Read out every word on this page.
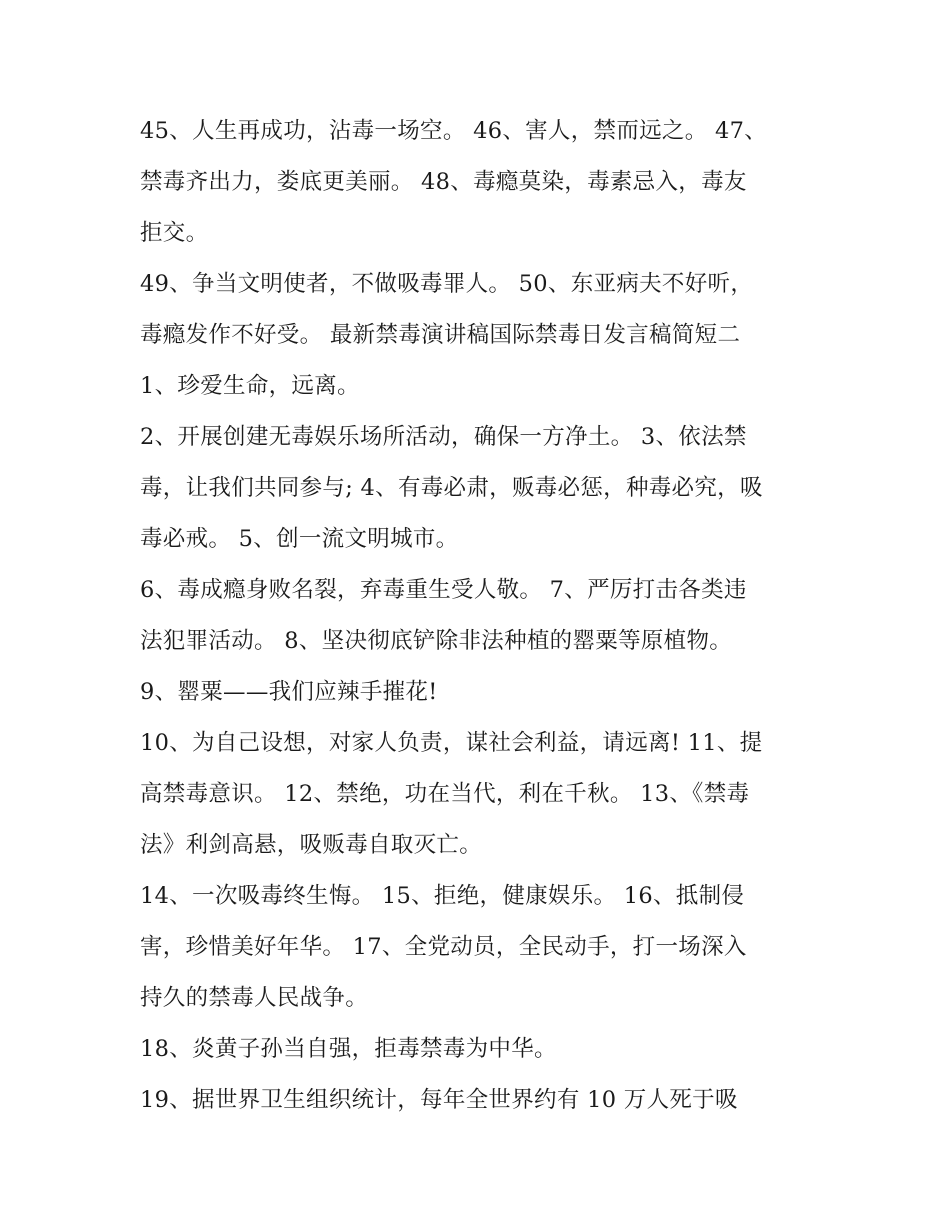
45、人生再成功，沾毒一场空。 46、害人，禁而远之。 47、
禁毒齐出力，娄底更美丽。 48、毒瘾莫染，毒素忌入，毒友
拒交。
49、争当文明使者，不做吸毒罪人。 50、东亚病夫不好听，
毒瘾发作不好受。 最新禁毒演讲稿国际禁毒日发言稿简短二
1、珍爱生命，远离。
2、开展创建无毒娱乐场所活动，确保一方净土。 3、依法禁
毒，让我们共同参与; 4、有毒必肃，贩毒必惩，种毒必究，吸
毒必戒。 5、创一流文明城市。
6、毒成瘾身败名裂，弃毒重生受人敬。 7、严厉打击各类违
法犯罪活动。 8、坚决彻底铲除非法种植的罂粟等原植物。
9、罂粟——我们应辣手摧花!
10、为自己设想，对家人负责，谋社会利益，请远离! 11、提
高禁毒意识。 12、禁绝，功在当代，利在千秋。 13、《禁毒
法》利剑高悬，吸贩毒自取灭亡。
14、一次吸毒终生悔。 15、拒绝，健康娱乐。 16、抵制侵
害，珍惜美好年华。 17、全党动员，全民动手，打一场深入
持久的禁毒人民战争。
18、炎黄子孙当自强，拒毒禁毒为中华。
19、据世界卫生组织统计，每年全世界约有 10 万人死于吸
